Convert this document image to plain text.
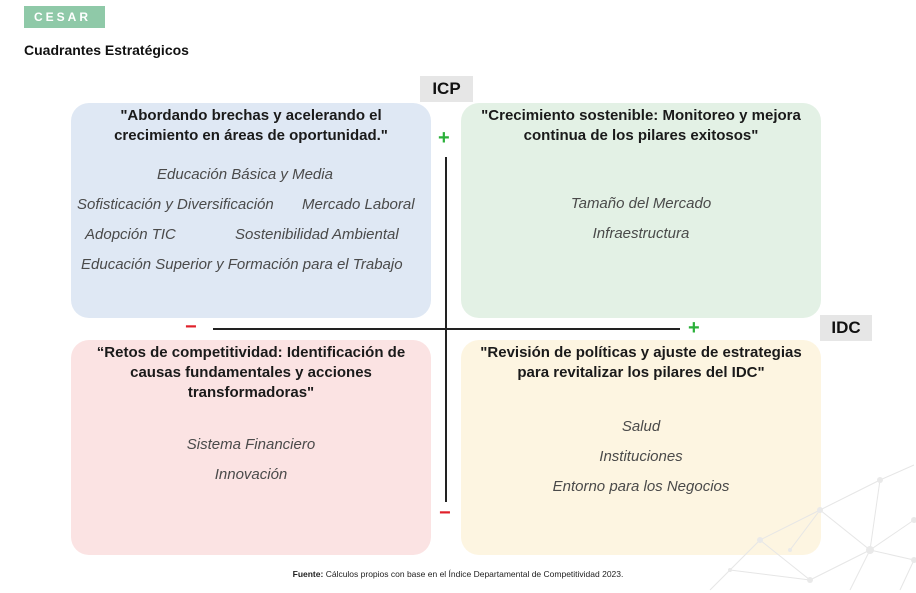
CESAR
Cuadrantes Estratégicos
"Abordando brechas y acelerando el crecimiento en áreas de oportunidad."
Educación Básica y Media
Sofisticación y Diversificación Mercado Laboral
Adopción TIC	Sostenibilidad Ambiental
Educación Superior y Formación para el Trabajo
"Crecimiento sostenible: Monitoreo y mejora continua de los pilares exitosos"
Tamaño del Mercado
Infraestructura
“Retos de competitividad: Identificación de causas fundamentales y acciones transformadoras"
Sistema Financiero
Innovación
"Revisión de políticas y ajuste de estrategias para revitalizar los pilares del IDC"
Salud
Instituciones
Entorno para los Negocios
ICP
IDC
+
−
+
−
Fuente: Cálculos propios con base en el Índice Departamental de Competitividad 2023.
